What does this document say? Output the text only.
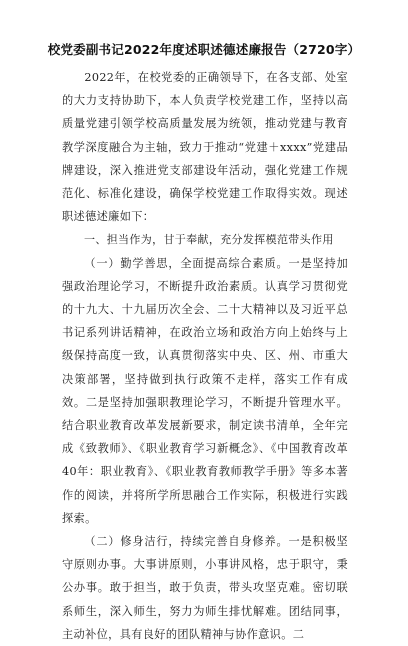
校党委副书记2022年度述职述德述廉报告（2720字）

2022年，在校党委的正确领导下，在各支部、处室的大力支持协助下，本人负责学校党建工作，坚持以高质量党建引领学校高质量发展为统领，推动党建与教育教学深度融合为主轴，致力于推动“党建＋xxxx”党建品牌建设，深入推进党支部建设年活动，强化党建工作规范化、标准化建设，确保学校党建工作取得实效。现述职述德述廉如下：

一、担当作为，甘于奉献，充分发挥模范带头作用

（一）勤学善思，全面提高综合素质。一是坚持加强政治理论学习，不断提升政治素质。认真学习贯彻党的十九大、十九届历次全会、二十大精神以及习近平总书记系列讲话精神，在政治立场和政治方向上始终与上级保持高度一致，认真贯彻落实中央、区、州、市重大决策部署，坚持做到执行政策不走样，落实工作有成效。二是坚持加强职教理论学习，不断提升管理水平。结合职业教育改革发展新要求，制定读书清单，全年完成《致教师》、《职业教育学习新概念》、《中国教育改革40年：职业教育》、《职业教育教师教学手册》等多本著作的阅读，并将所学所思融合工作实际，积极进行实践探索。

（二）修身洁行，持续完善自身修养。一是积极坚守原则办事。大事讲原则，小事讲风格，忠于职守，秉公办事。敢于担当，敢于负责，带头攻坚克难。密切联系师生，深入师生，努力为师生排忧解难。团结同事，主动补位，具有良好的团队精神与协作意识。二
